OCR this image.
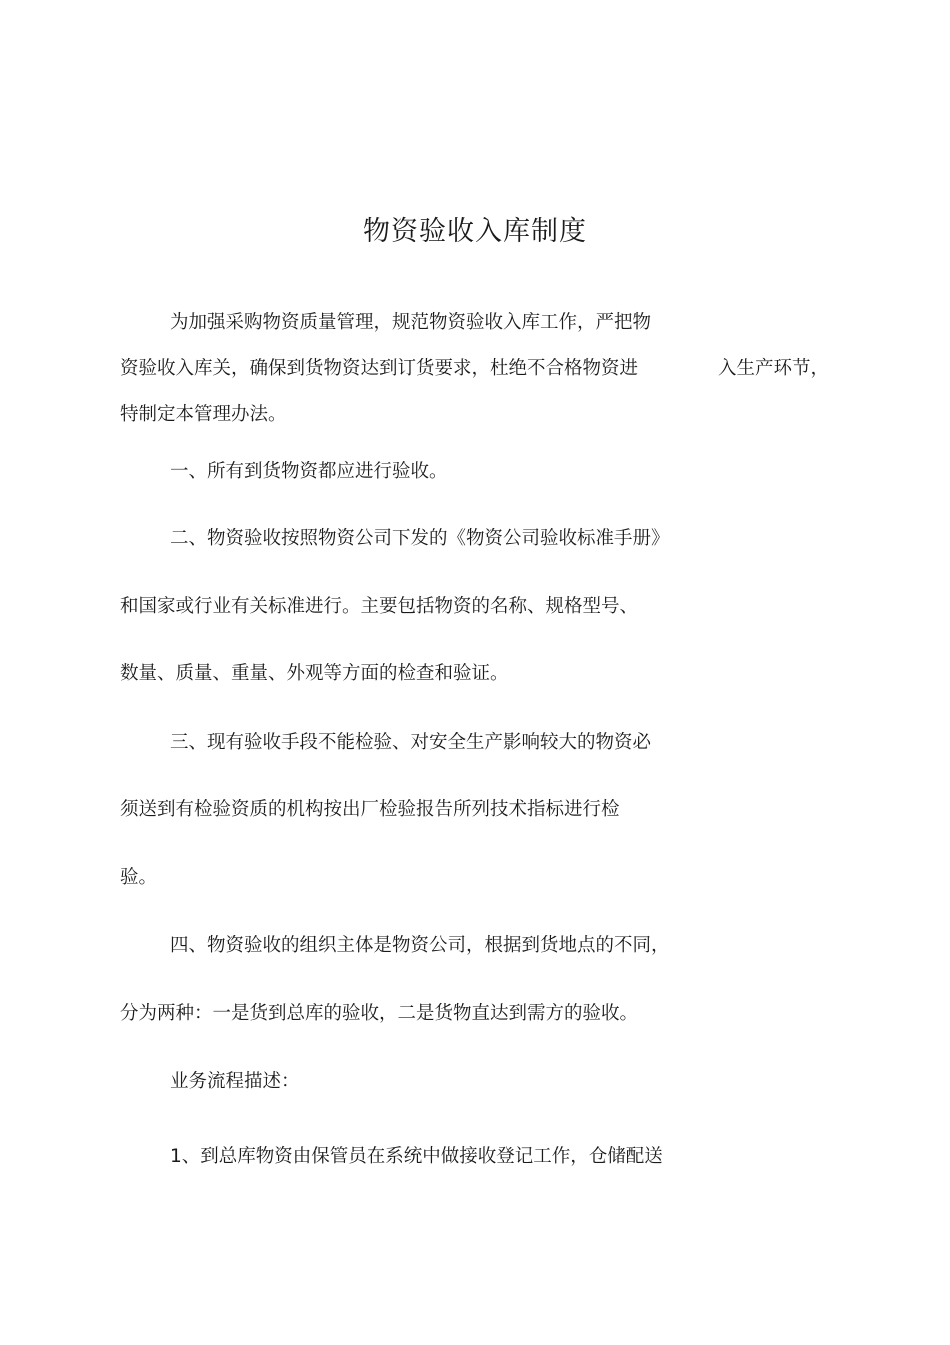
物资验收入库制度
为加强采购物资质量管理，规范物资验收入库工作，严把物
资验收入库关，确保到货物资达到订货要求，杜绝不合格物资进	入生产环节，
特制定本管理办法。
一、所有到货物资都应进行验收。
二、物资验收按照物资公司下发的《物资公司验收标准手册》
和国家或行业有关标准进行。主要包括物资的名称、规格型号、
数量、质量、重量、外观等方面的检查和验证。
三、现有验收手段不能检验、对安全生产影响较大的物资必
须送到有检验资质的机构按出厂检验报告所列技术指标进行检
验。
四、物资验收的组织主体是物资公司，根据到货地点的不同，
分为两种：一是货到总库的验收，二是货物直达到需方的验收。
业务流程描述：
1、到总库物资由保管员在系统中做接收登记工作，仓储配送
